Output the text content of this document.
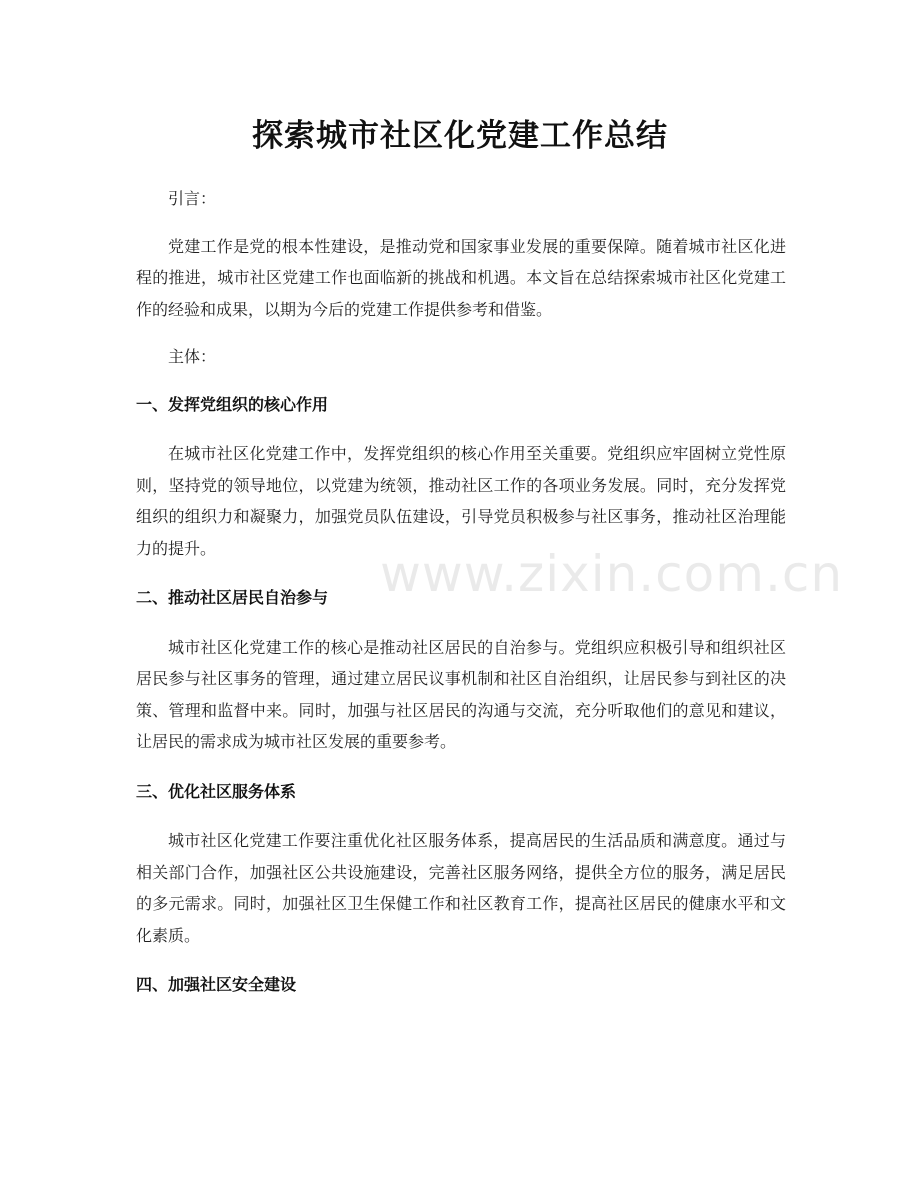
探索城市社区化党建工作总结

引言：

党建工作是党的根本性建设，是推动党和国家事业发展的重要保障。随着城市社区化进程的推进，城市社区党建工作也面临新的挑战和机遇。本文旨在总结探索城市社区化党建工作的经验和成果，以期为今后的党建工作提供参考和借鉴。

主体：

一、发挥党组织的核心作用

在城市社区化党建工作中，发挥党组织的核心作用至关重要。党组织应牢固树立党性原则，坚持党的领导地位，以党建为统领，推动社区工作的各项业务发展。同时，充分发挥党组织的组织力和凝聚力，加强党员队伍建设，引导党员积极参与社区事务，推动社区治理能力的提升。

二、推动社区居民自治参与

城市社区化党建工作的核心是推动社区居民的自治参与。党组织应积极引导和组织社区居民参与社区事务的管理，通过建立居民议事机制和社区自治组织，让居民参与到社区的决策、管理和监督中来。同时，加强与社区居民的沟通与交流，充分听取他们的意见和建议，让居民的需求成为城市社区发展的重要参考。

三、优化社区服务体系

城市社区化党建工作要注重优化社区服务体系，提高居民的生活品质和满意度。通过与相关部门合作，加强社区公共设施建设，完善社区服务网络，提供全方位的服务，满足居民的多元需求。同时，加强社区卫生保健工作和社区教育工作，提高社区居民的健康水平和文化素质。

四、加强社区安全建设
www.zixin.com.cn
